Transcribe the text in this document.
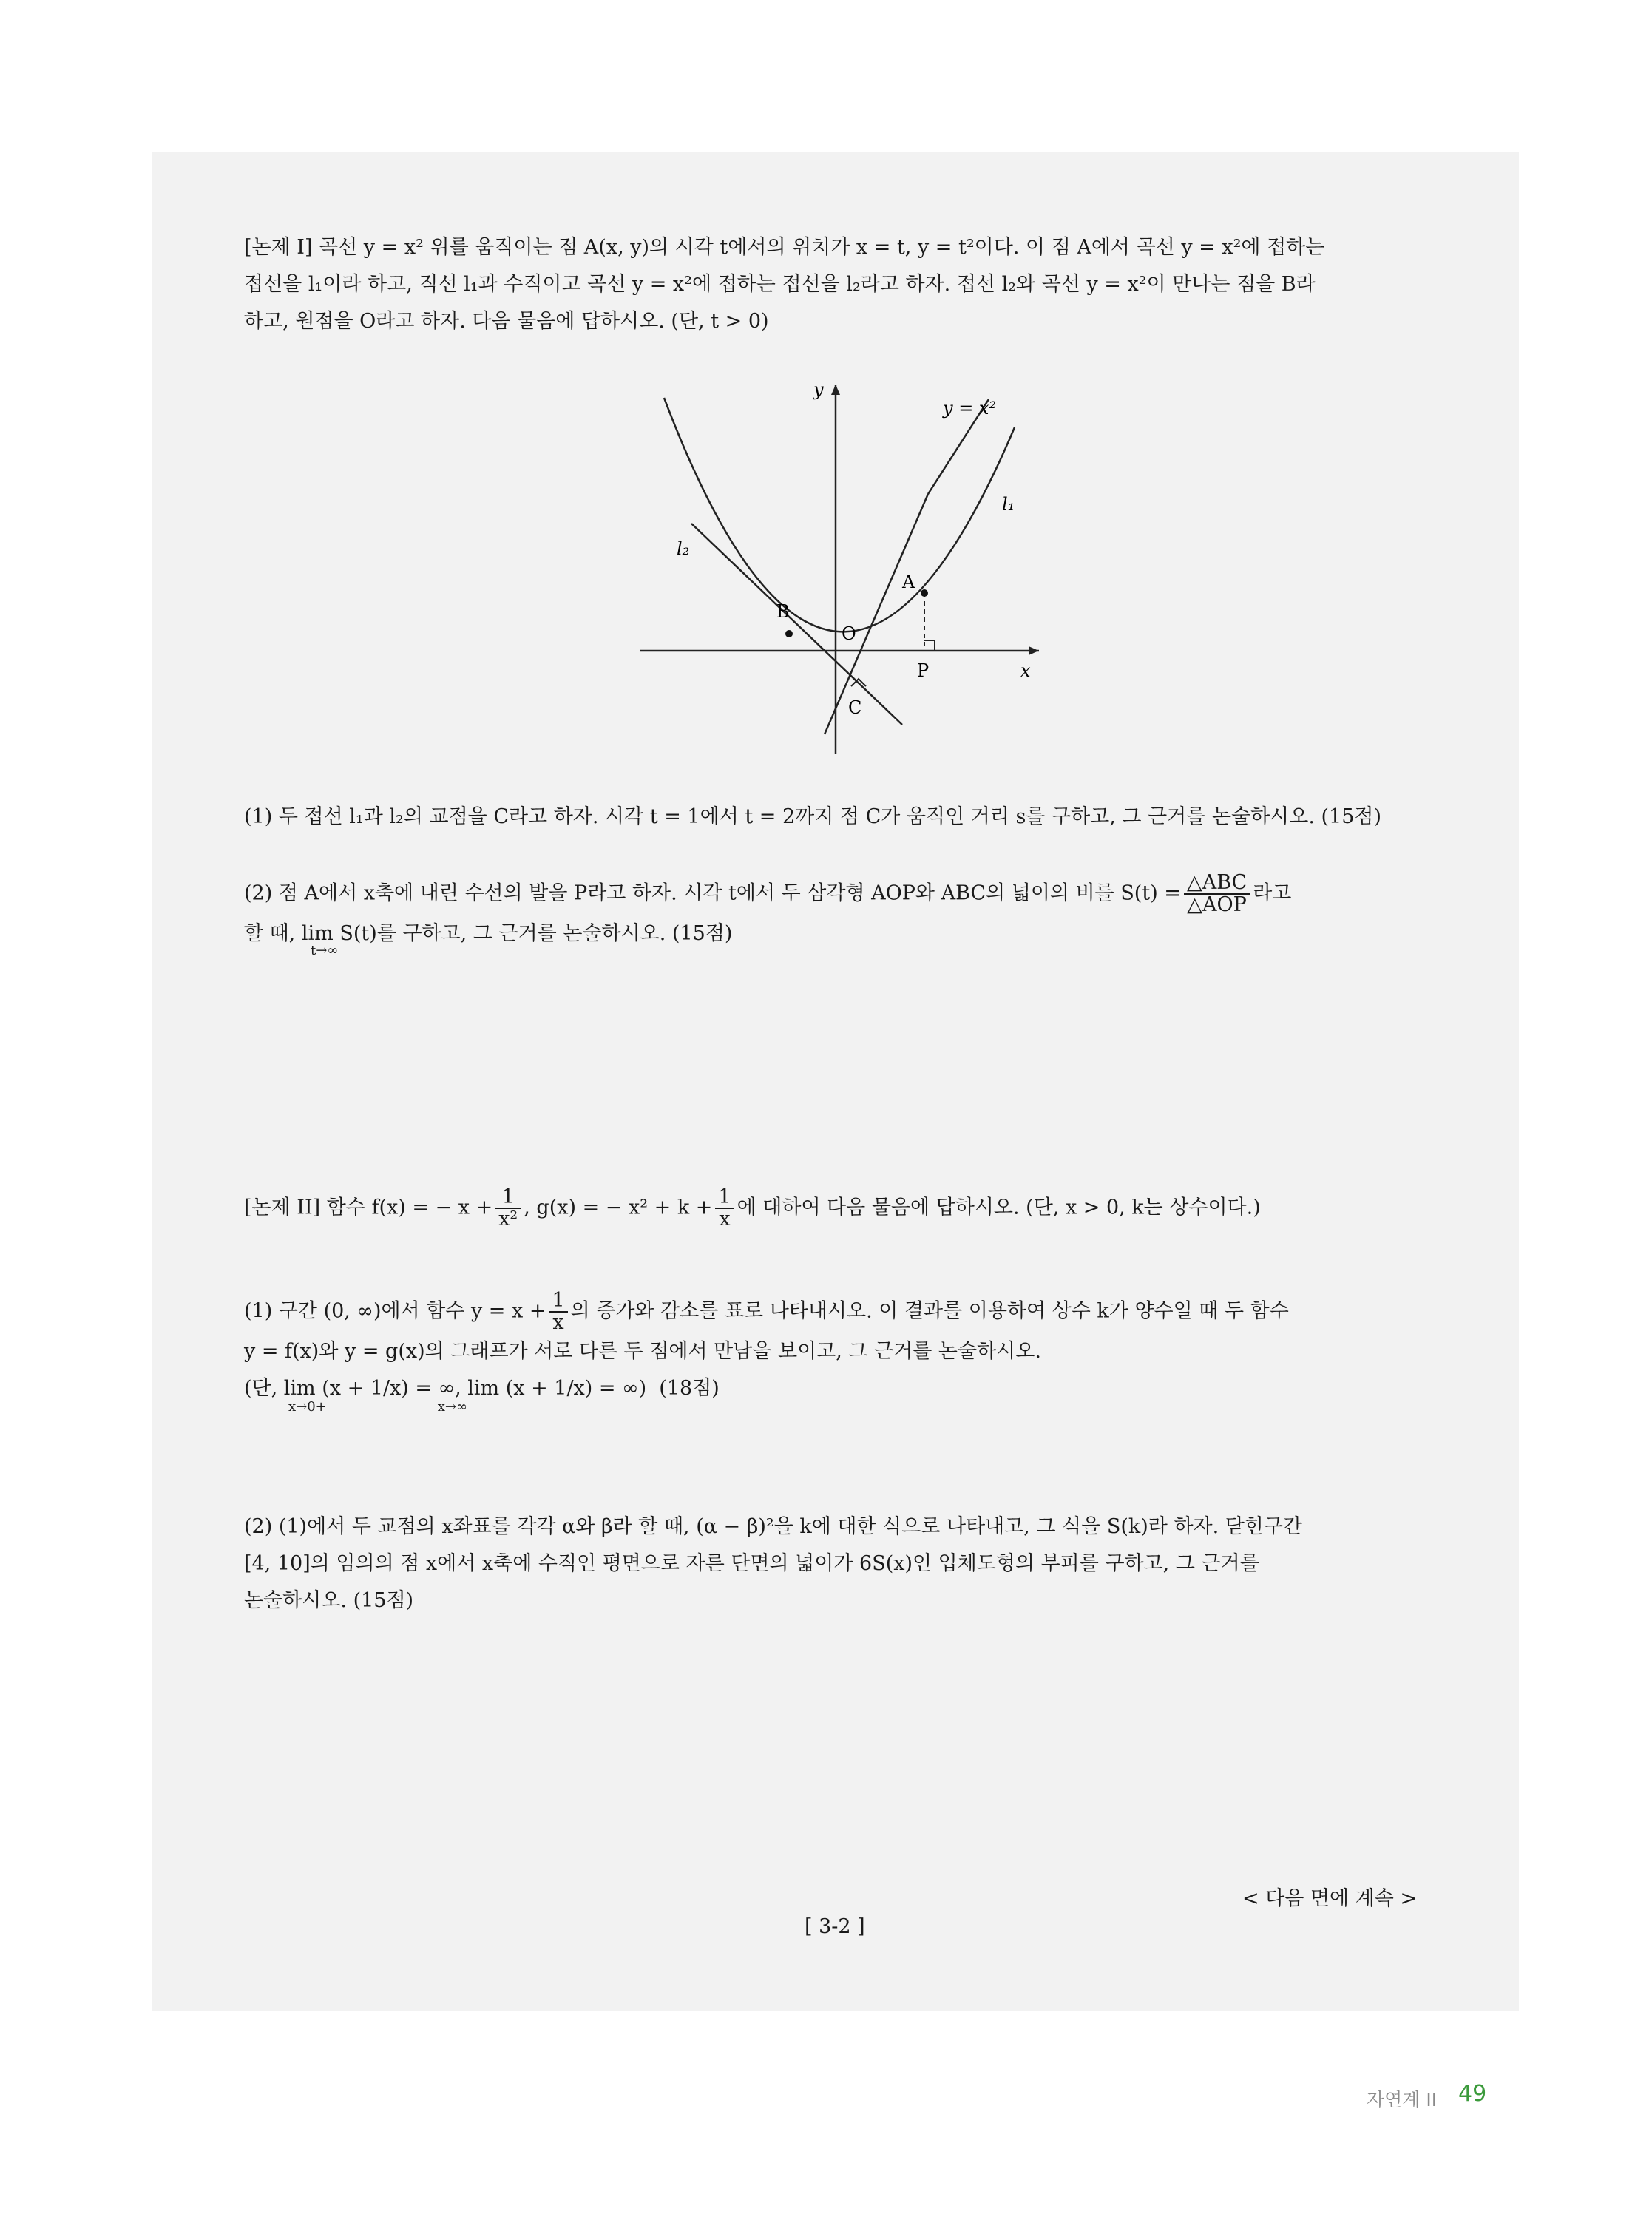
[논제 I] 곡선 y = x² 위를 움직이는 점 A(x, y)의 시각 t에서의 위치가 x = t, y = t²이다. 이 점 A에서 곡선 y = x²에 접하는

접선을 l₁이라 하고, 직선 l₁과 수직이고 곡선 y = x²에 접하는 접선을 l₂라고 하자. 접선 l₂와 곡선 y = x²이 만나는 점을 B라

하고, 원점을 O라고 하자. 다음 물음에 답하시오. (단, t > 0)

y
x
y = x²
l₁
l₂
A
B
O
P
C

(1) 두 접선 l₁과 l₂의 교점을 C라고 하자. 시각 t = 1에서 t = 2까지 점 C가 움직인 거리 s를 구하고, 그 근거를 논술하시오. (15점)

(2) 점 A에서 x축에 내린 수선의 발을 P라고 하자. 시각 t에서 두 삼각형 AOP와 ABC의 넓이의 비를 $S(t) = \frac{\text{△ABC}}{\text{△AOP}}$ 라고

할 때, lim S(t)를 구하고, 그 근거를 논술하시오. (15점)

t→∞

[논제 II] 함수 f(x) = − $x + \frac{1}{\text{x²}}$ , g(x) = − $x^2 + k + \frac{1}{x}$ 에 대하여 다음 물음에 답하시오. (단, x > 0, k는 상수이다.)

(1) 구간 (0, ∞)에서 함수 $y = x + \frac{1}{x}$ 의 증가와 감소를 표로 나타내시오. 이 결과를 이용하여 상수 k가 양수일 때 두 함수

y = f(x)와 y = g(x)의 그래프가 서로 다른 두 점에서 만남을 보이고, 그 근거를 논술하시오.

(단, lim (x + 1/x) = ∞, lim (x + 1/x) = ∞)  (18점)

x→0+	x→∞

(2) (1)에서 두 교점의 x좌표를 각각 α와 β라 할 때, (α − β)²을 k에 대한 식으로 나타내고, 그 식을 S(k)라 하자. 닫힌구간

[4, 10]의 임의의 점 x에서 x축에 수직인 평면으로 자른 단면의 넓이가 6S(x)인 입체도형의 부피를 구하고, 그 근거를

논술하시오. (15점)

< 다음 면에 계속 >
[ 3-2 ]
자연계 II 49
